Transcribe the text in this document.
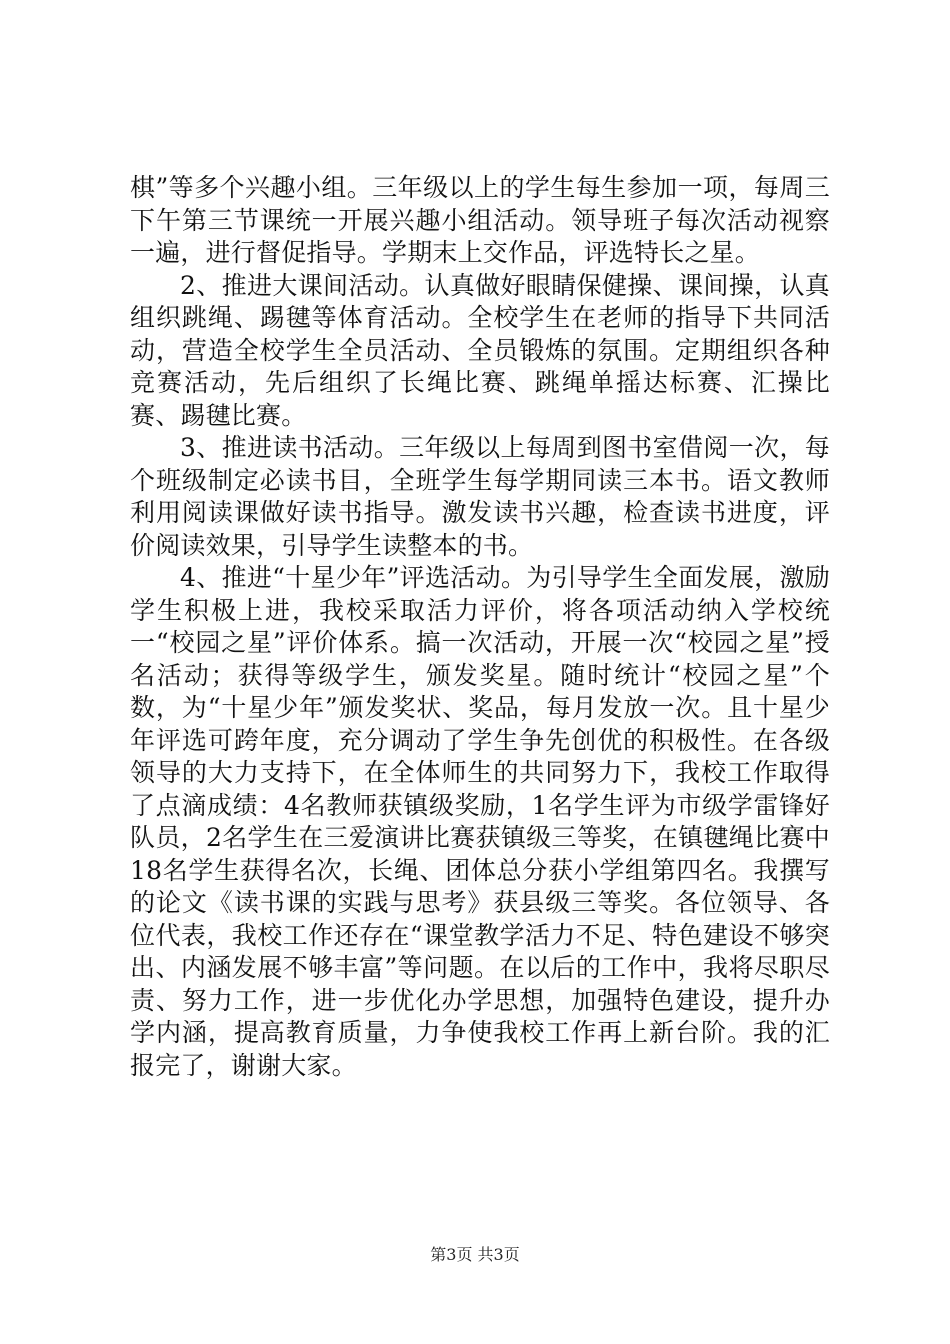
棋”等多个兴趣小组。三年级以上的学生每生参加一项，每周三下午第三节课统一开展兴趣小组活动。领导班子每次活动视察一遍，进行督促指导。学期末上交作品，评选特长之星。

2、推进大课间活动。认真做好眼睛保健操、课间操，认真组织跳绳、踢毽等体育活动。全校学生在老师的指导下共同活动，营造全校学生全员活动、全员锻炼的氛围。定期组织各种竞赛活动，先后组织了长绳比赛、跳绳单摇达标赛、汇操比赛、踢毽比赛。

3、推进读书活动。三年级以上每周到图书室借阅一次，每个班级制定必读书目，全班学生每学期同读三本书。语文教师利用阅读课做好读书指导。激发读书兴趣，检查读书进度，评价阅读效果，引导学生读整本的书。

4、推进“十星少年”评选活动。为引导学生全面发展，激励学生积极上进，我校采取活力评价，将各项活动纳入学校统一“校园之星”评价体系。搞一次活动，开展一次“校园之星”授名活动；获得等级学生，颁发奖星。随时统计“校园之星”个数，为“十星少年”颁发奖状、奖品，每月发放一次。且十星少年评选可跨年度，充分调动了学生争先创优的积极性。在各级领导的大力支持下，在全体师生的共同努力下，我校工作取得了点滴成绩：4名教师获镇级奖励，1名学生评为市级学雷锋好队员，2名学生在三爱演讲比赛获镇级三等奖，在镇毽绳比赛中18名学生获得名次，长绳、团体总分获小学组第四名。我撰写的论文《读书课的实践与思考》获县级三等奖。各位领导、各位代表，我校工作还存在“课堂教学活力不足、特色建设不够突出、内涵发展不够丰富”等问题。在以后的工作中，我将尽职尽责、努力工作，进一步优化办学思想，加强特色建设，提升办学内涵，提高教育质量，力争使我校工作再上新台阶。我的汇报完了，谢谢大家。

第3页 共3页
